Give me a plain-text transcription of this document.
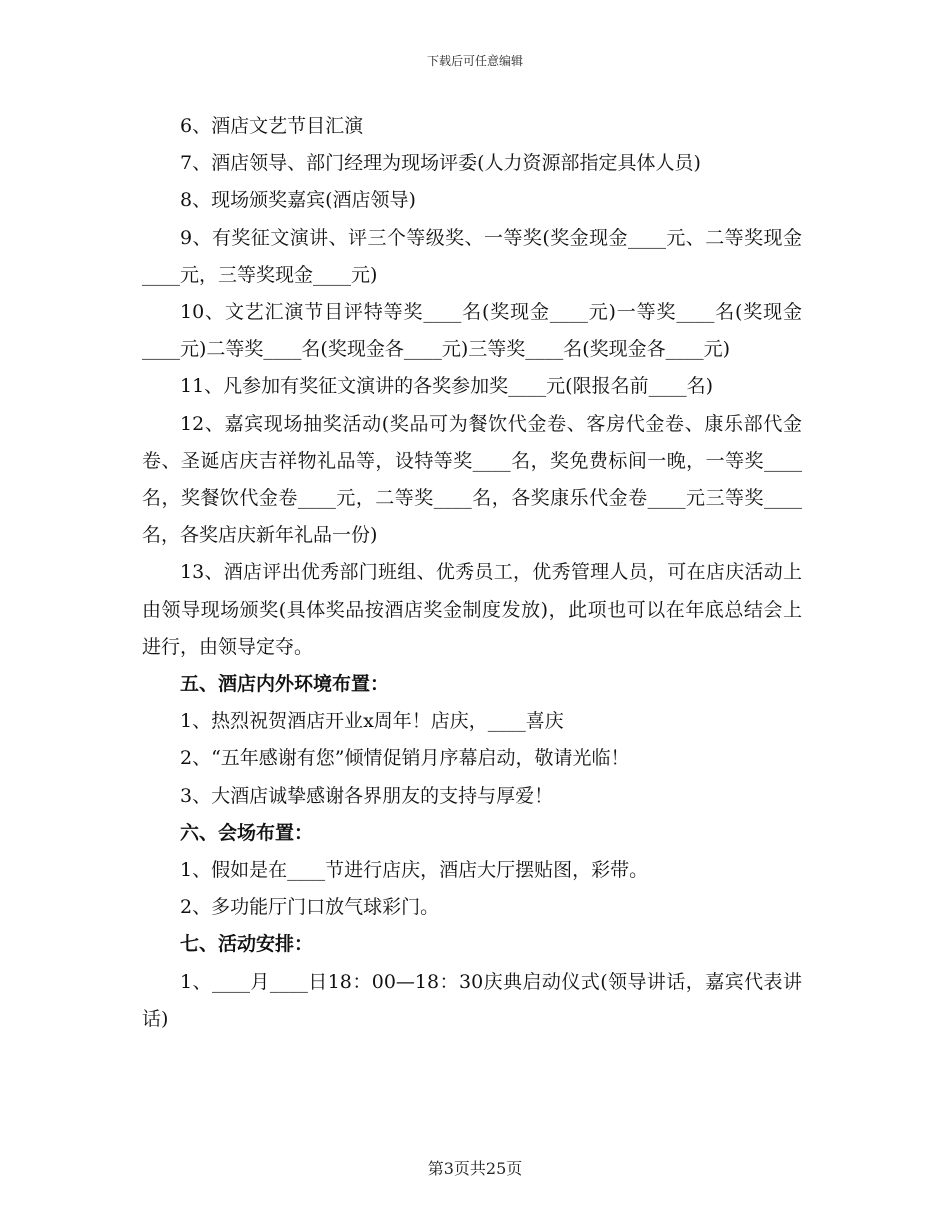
下载后可任意编辑

6、酒店文艺节目汇演

7、酒店领导、部门经理为现场评委(人力资源部指定具体人员)

8、现场颁奖嘉宾(酒店领导)

9、有奖征文演讲、评三个等级奖、一等奖(奖金现金____元、二等奖现金____元，三等奖现金____元)

10、文艺汇演节目评特等奖____名(奖现金____元)一等奖____名(奖现金____元)二等奖____名(奖现金各____元)三等奖____名(奖现金各____元)

11、凡参加有奖征文演讲的各奖参加奖____元(限报名前____名)

12、嘉宾现场抽奖活动(奖品可为餐饮代金卷、客房代金卷、康乐部代金卷、圣诞店庆吉祥物礼品等，设特等奖____名，奖免费标间一晚，一等奖____名，奖餐饮代金卷____元，二等奖____名，各奖康乐代金卷____元三等奖____名，各奖店庆新年礼品一份)

13、酒店评出优秀部门班组、优秀员工，优秀管理人员，可在店庆活动上由领导现场颁奖(具体奖品按酒店奖金制度发放)，此项也可以在年底总结会上进行，由领导定夺。

五、酒店内外环境布置：

1、热烈祝贺酒店开业x周年！店庆，____喜庆

2、“五年感谢有您”倾情促销月序幕启动，敬请光临！

3、大酒店诚挚感谢各界朋友的支持与厚爱！

六、会场布置：

1、假如是在____节进行店庆，酒店大厅摆贴图，彩带。

2、多功能厅门口放气球彩门。

七、活动安排：

1、____月____日18：00—18：30庆典启动仪式(领导讲话，嘉宾代表讲话)

第3页共25页
